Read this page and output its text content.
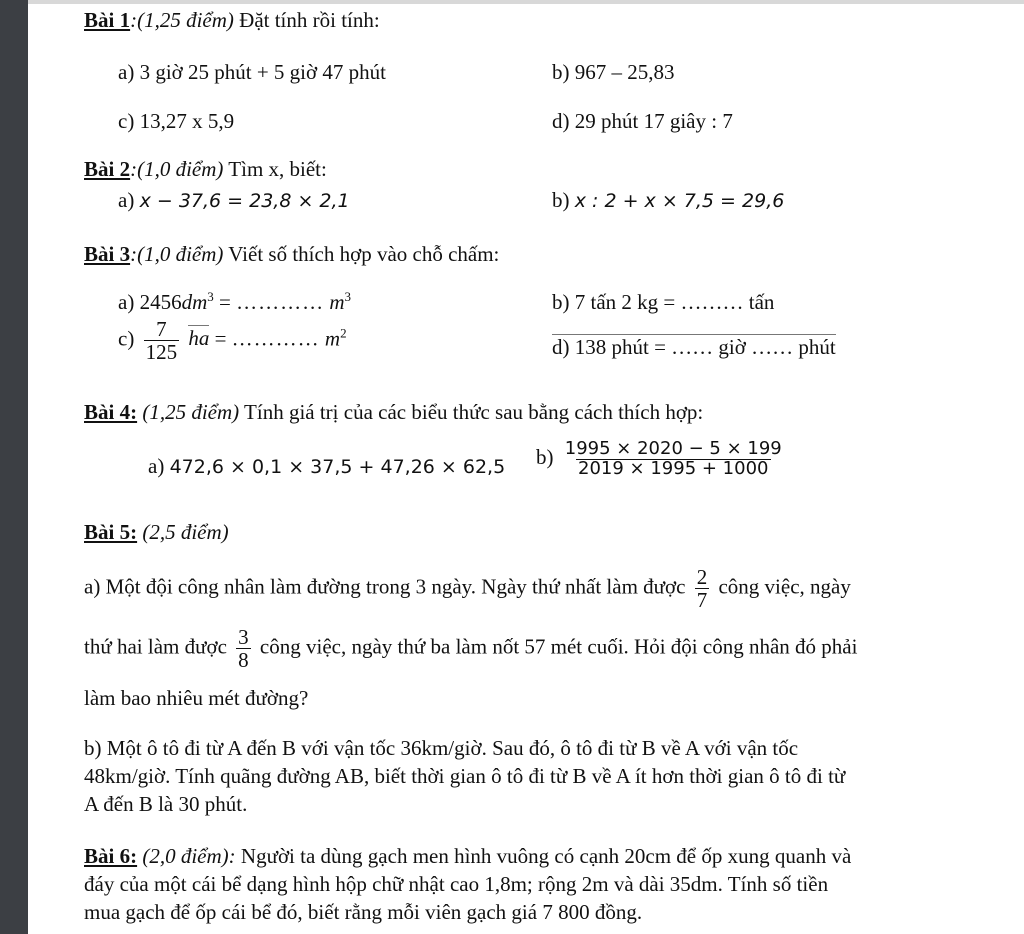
Bài 1:(1,25 điểm) Đặt tính rồi tính:
a) 3 giờ 25 phút + 5 giờ 47 phút	b) 967 – 25,83
c) 13,27 x 5,9	d) 29 phút 17 giây : 7
Bài 2:(1,0 điểm) Tìm x, biết:
a) x − 37,6 = 23,8 × 2,1	b) x : 2 + x × 7,5 = 29,6
Bài 3:(1,0 điểm) Viết số thích hợp vào chỗ chấm:
a) $2456dm^3$ = ………… $m^3$	b) 7 tấn 2 kg = ……… tấn
$c) \frac{7}{125}$ ha = ………… $m^2$
d) 138 phút = …… giờ …… phút
Bài 4: (1,25 điểm) Tính giá trị của các biểu thức sau bằng cách thích hợp:
a) 472,6 × 0,1 × 37,5 + 47,26 × 62,5 $b) \frac{1995 \times 2020 - 5 \times 199}{2019 \times 1995 + 1000}$
Bài 5: (2,5 điểm)
a) Một đội công nhân làm đường trong 3 ngày. Ngày thứ nhất làm được $\frac{2}{7}$ công việc, ngày
thứ hai làm được $\frac{3}{8}$ công việc, ngày thứ ba làm nốt 57 mét cuối. Hỏi đội công nhân đó phải
làm bao nhiêu mét đường?
b) Một ô tô đi từ A đến B với vận tốc 36km/giờ. Sau đó, ô tô đi từ B về A với vận tốc
48km/giờ. Tính quãng đường AB, biết thời gian ô tô đi từ B về A ít hơn thời gian ô tô đi từ
A đến B là 30 phút.
Bài 6: (2,0 điểm): Người ta dùng gạch men hình vuông có cạnh 20cm để ốp xung quanh và
đáy của một cái bể dạng hình hộp chữ nhật cao 1,8m; rộng 2m và dài 35dm. Tính số tiền
mua gạch để ốp cái bể đó, biết rằng mỗi viên gạch giá 7 800 đồng.
